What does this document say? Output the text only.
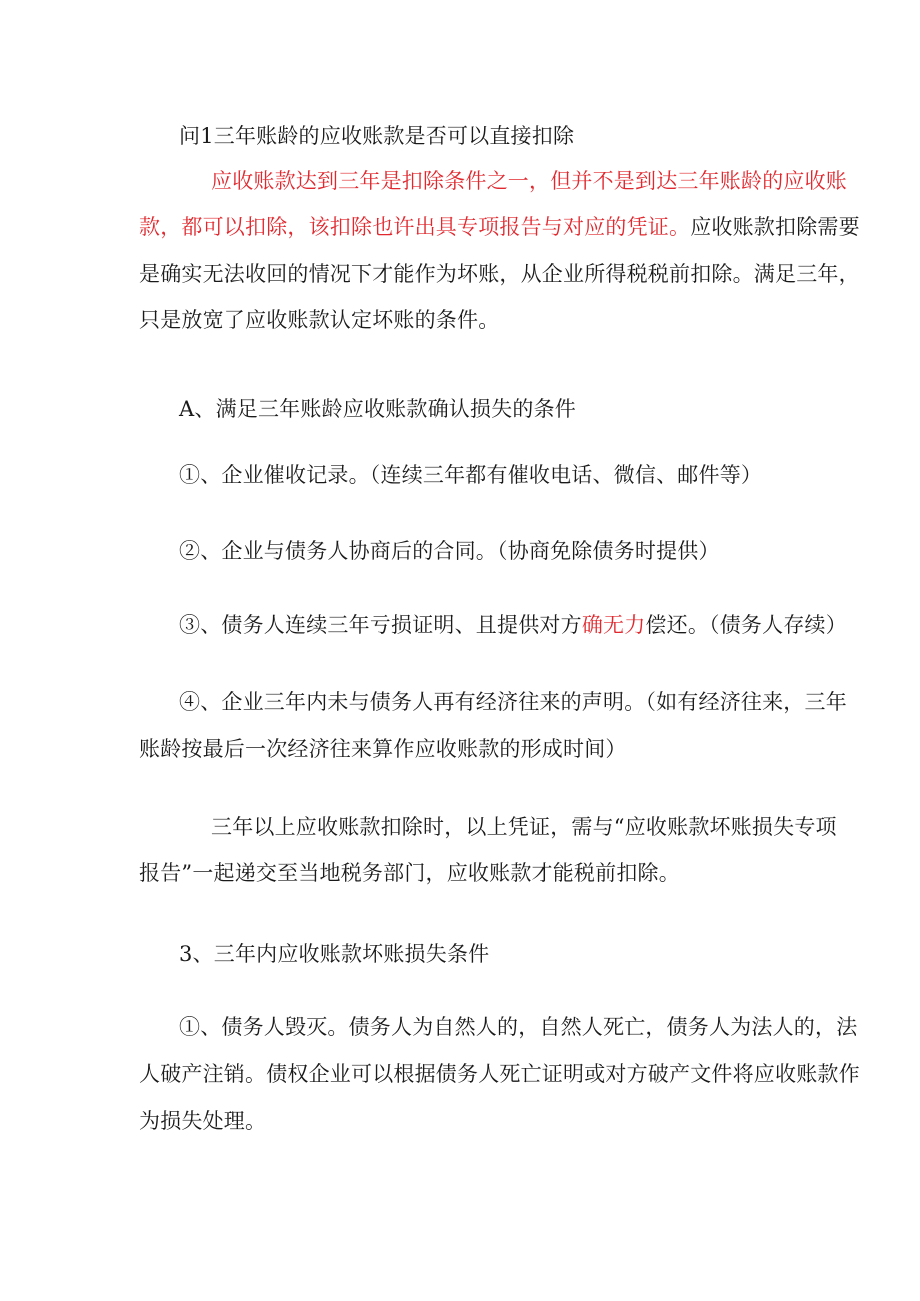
问1三年账龄的应收账款是否可以直接扣除
应收账款达到三年是扣除条件之一，但并不是到达三年账龄的应收账
款，都可以扣除，该扣除也许出具专项报告与对应的凭证。应收账款扣除需要
是确实无法收回的情况下才能作为坏账，从企业所得税税前扣除。满足三年，
只是放宽了应收账款认定坏账的条件。
A、满足三年账龄应收账款确认损失的条件
①、企业催收记录。（连续三年都有催收电话、微信、邮件等）
②、企业与债务人协商后的合同。（协商免除债务时提供）
③、债务人连续三年亏损证明、且提供对方确无力偿还。（债务人存续）
④、企业三年内未与债务人再有经济往来的声明。（如有经济往来，三年
账龄按最后一次经济往来算作应收账款的形成时间）
三年以上应收账款扣除时，以上凭证，需与“应收账款坏账损失专项
报告”一起递交至当地税务部门，应收账款才能税前扣除。
3、三年内应收账款坏账损失条件
①、债务人毁灭。债务人为自然人的，自然人死亡，债务人为法人的，法
人破产注销。债权企业可以根据债务人死亡证明或对方破产文件将应收账款作
为损失处理。
